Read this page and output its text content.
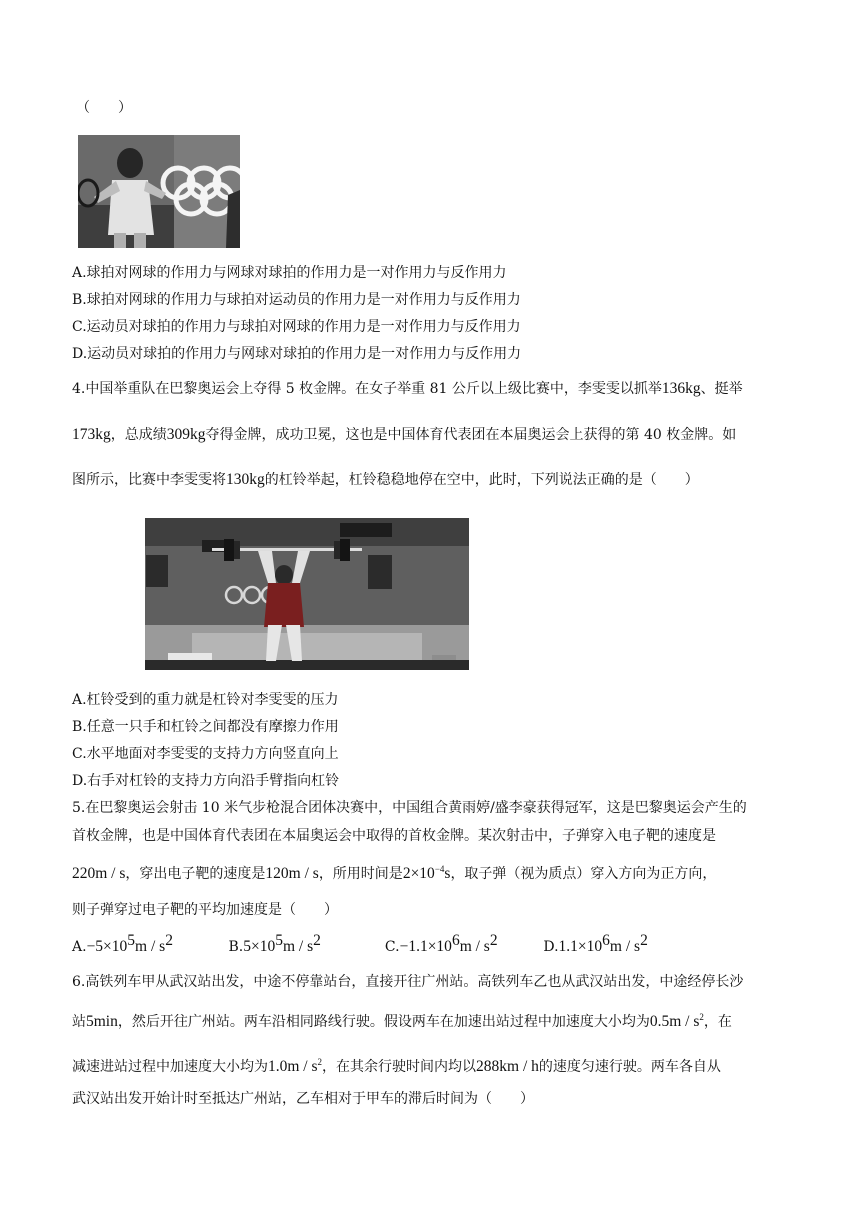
（　　）
A.球拍对网球的作用力与网球对球拍的作用力是一对作用力与反作用力
B.球拍对网球的作用力与球拍对运动员的作用力是一对作用力与反作用力
C.运动员对球拍的作用力与球拍对网球的作用力是一对作用力与反作用力
D.运动员对球拍的作用力与网球对球拍的作用力是一对作用力与反作用力
4.中国举重队在巴黎奥运会上夺得 5 枚金牌。在女子举重 81 公斤以上级比赛中，李雯雯以抓举136kg、挺举
173kg，总成绩309kg夺得金牌，成功卫冕，这也是中国体育代表团在本届奥运会上获得的第 40 枚金牌。如
图所示，比赛中李雯雯将130kg的杠铃举起，杠铃稳稳地停在空中，此时，下列说法正确的是（　　）
A.杠铃受到的重力就是杠铃对李雯雯的压力
B.任意一只手和杠铃之间都没有摩擦力作用
C.水平地面对李雯雯的支持力方向竖直向上
D.右手对杠铃的支持力方向沿手臂指向杠铃
5.在巴黎奥运会射击 10 米气步枪混合团体决赛中，中国组合黄雨婷/盛李豪获得冠军，这是巴黎奥运会产生的
首枚金牌，也是中国体育代表团在本届奥运会中取得的首枚金牌。某次射击中，子弹穿入电子靶的速度是
220m / s，穿出电子靶的速度是120m / s，所用时间是$2\times 10^{-4}s$，取子弹（视为质点）穿入方向为正方向，
则子弹穿过电子靶的平均加速度是（　　）
$A.-5\times 10^5m / s^2$	$B.5\times 10^5m / s^2$	$C.-1.1\times 10^6m / s^2$	$D.1.1\times 10^6m / s^2$
6.高铁列车甲从武汉站出发，中途不停靠站台，直接开往广州站。高铁列车乙也从武汉站出发，中途经停长沙
站5min，然后开往广州站。两车沿相同路线行驶。假设两车在加速出站过程中加速度大小均为$0.5m / s^2$，在
减速进站过程中加速度大小均为$1.0m / s^2$，在其余行驶时间内均以288km / h的速度匀速行驶。两车各自从
武汉站出发开始计时至抵达广州站，乙车相对于甲车的滞后时间为（　　）
